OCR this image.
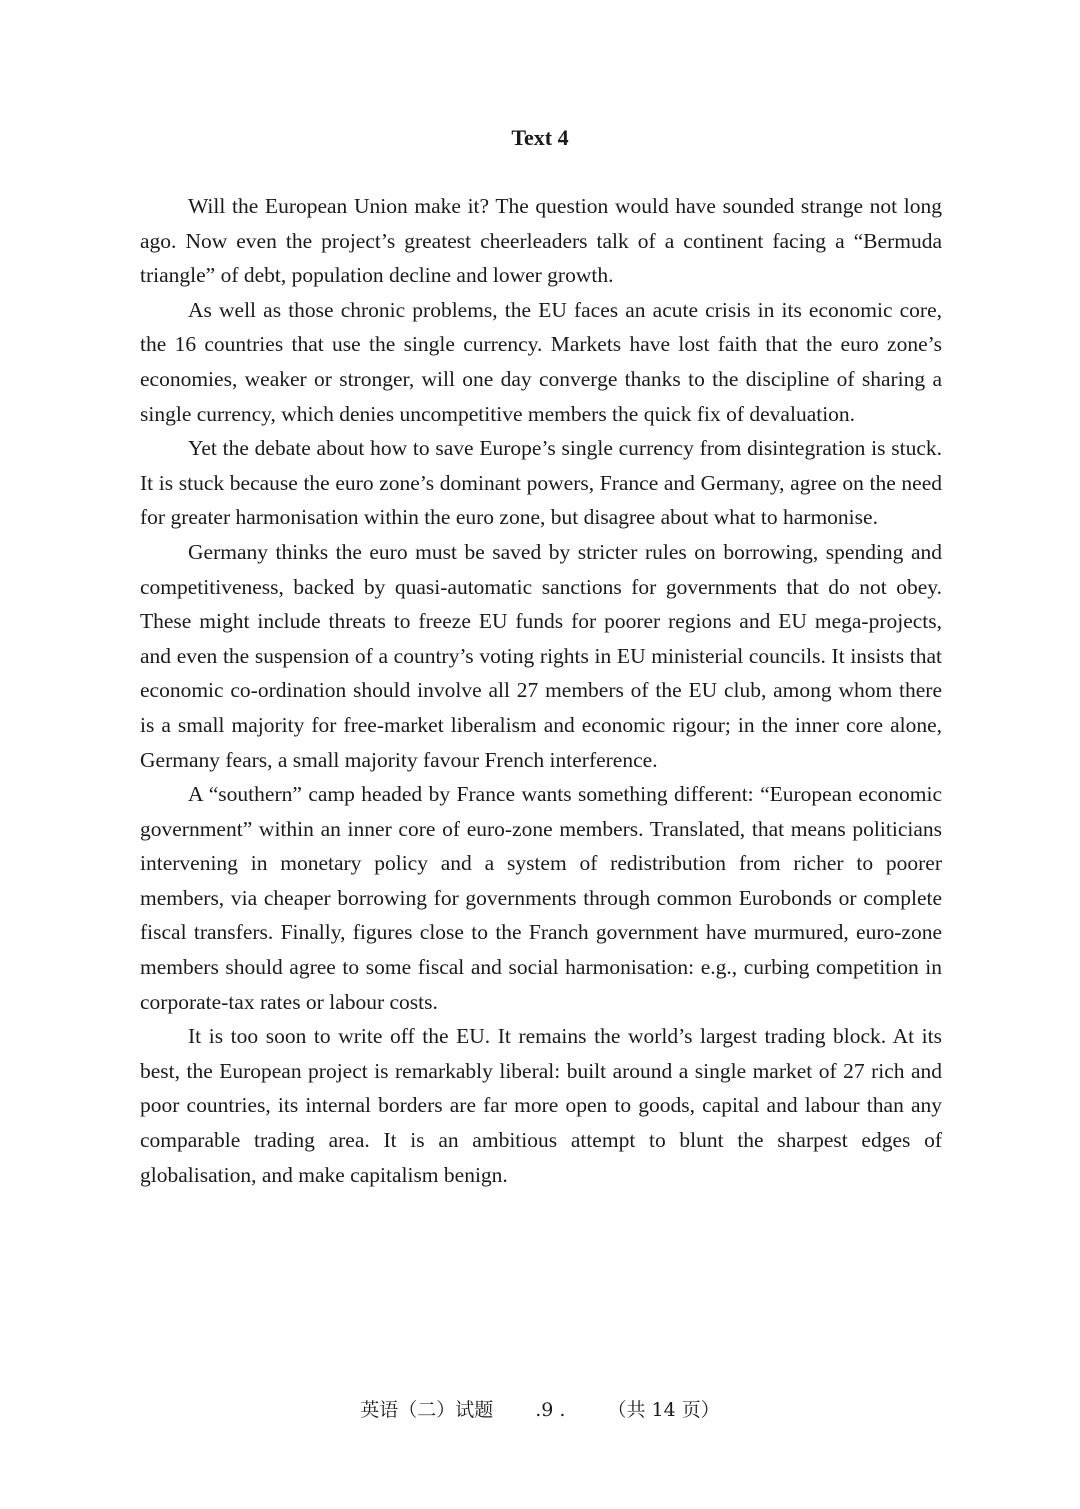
Text 4

Will the European Union make it? The question would have sounded strange not long ago. Now even the project’s greatest cheerleaders talk of a continent facing a “Bermuda triangle” of debt, population decline and lower growth.

As well as those chronic problems, the EU faces an acute crisis in its economic core, the 16 countries that use the single currency. Markets have lost faith that the euro zone’s economies, weaker or stronger, will one day converge thanks to the discipline of sharing a single currency, which denies uncompetitive members the quick fix of devaluation.

Yet the debate about how to save Europe’s single currency from disintegration is stuck. It is stuck because the euro zone’s dominant powers, France and Germany, agree on the need for greater harmonisation within the euro zone, but disagree about what to harmonise.

Germany thinks the euro must be saved by stricter rules on borrowing, spending and competitiveness, backed by quasi-automatic sanctions for governments that do not obey. These might include threats to freeze EU funds for poorer regions and EU mega-projects, and even the suspension of a country’s voting rights in EU ministerial councils. It insists that economic co-ordination should involve all 27 members of the EU club, among whom there is a small majority for free-market liberalism and economic rigour; in the inner core alone, Germany fears, a small majority favour French interference.

A “southern” camp headed by France wants something different: “European economic government” within an inner core of euro-zone members. Translated, that means politicians intervening in monetary policy and a system of redistribution from richer to poorer members, via cheaper borrowing for governments through common Eurobonds or complete fiscal transfers. Finally, figures close to the Franch government have murmured, euro-zone members should agree to some fiscal and social harmonisation: e.g., curbing competition in corporate-tax rates or labour costs.

It is too soon to write off the EU. It remains the world’s largest trading block. At its best, the European project is remarkably liberal: built around a single market of 27 rich and poor countries, its internal borders are far more open to goods, capital and labour than any comparable trading area. It is an ambitious attempt to blunt the sharpest edges of globalisation, and make capitalism benign.

英语（二）试题 .9 . （共 14 页）
